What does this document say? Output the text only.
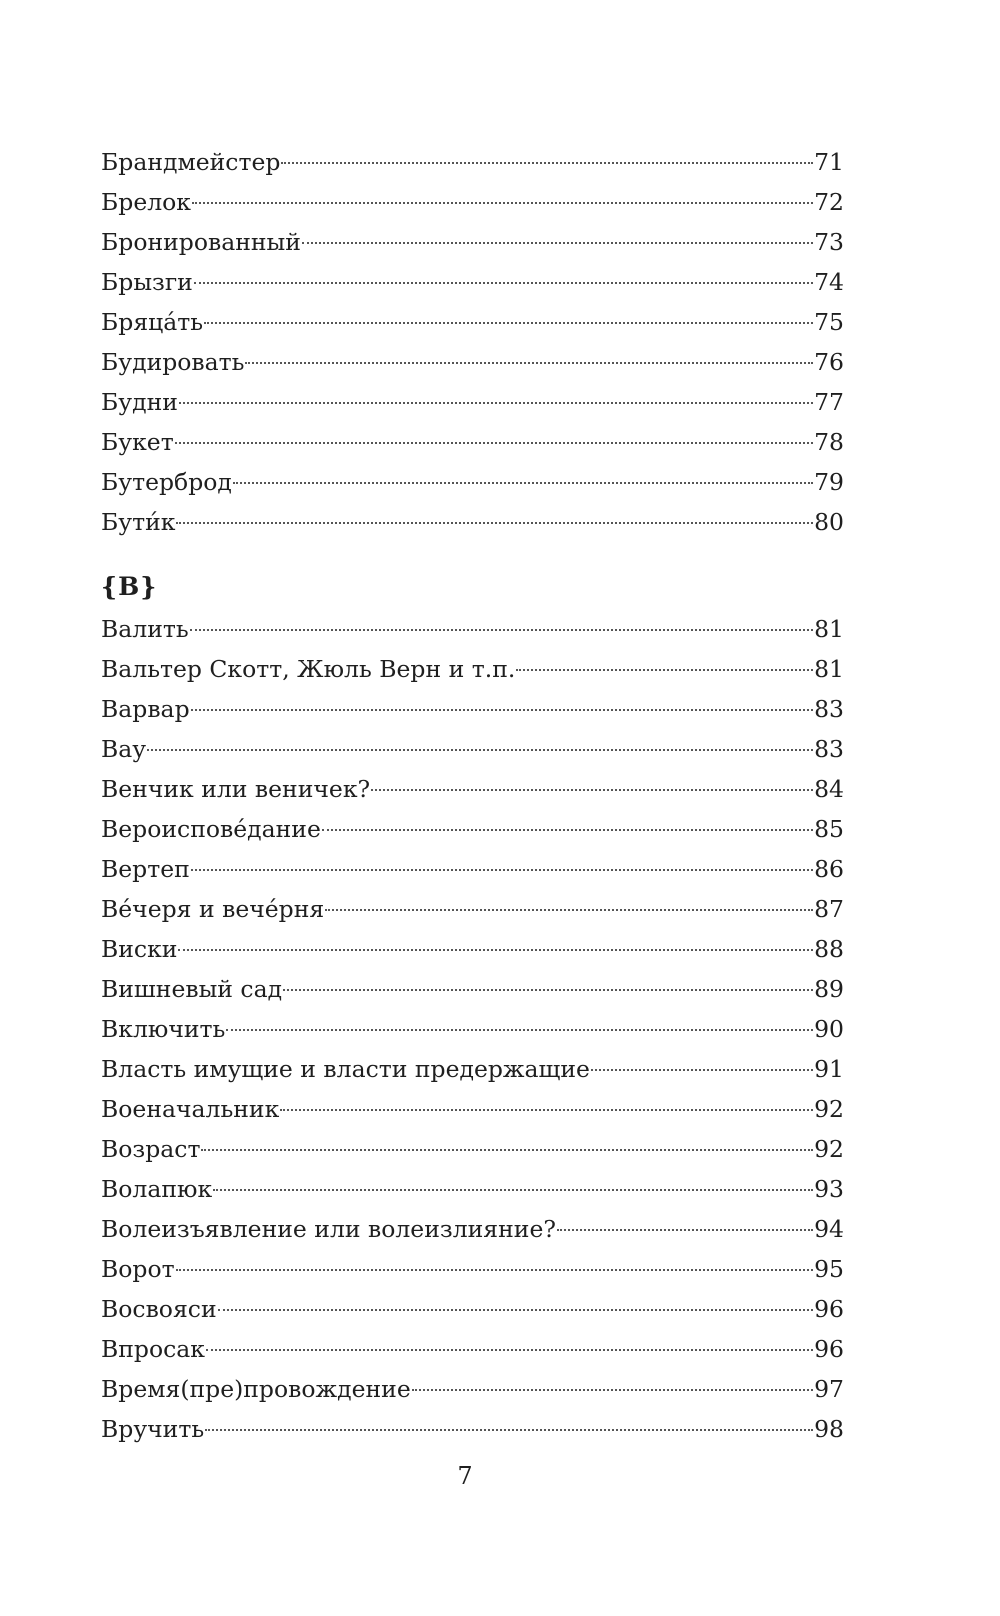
Брандмейстер	71
Брелок	72
Бронированный	73
Брызги	74
Бряца́ть	75
Будировать	76
Будни	77
Букет	78
Бутерброд	79
Бути́к	80
{В}
Валить	81
Вальтер Скотт, Жюль Верн и т.п.	81
Варвар	83
Вау	83
Венчик или веничек?	84
Вероиспове́дание	85
Вертеп	86
Ве́черя и вече́рня	87
Виски	88
Вишневый сад	89
Включить	90
Власть имущие и власти предержащие	91
Военачальник	92
Возраст	92
Волапюк	93
Волеизъявление или волеизлияние?	94
Ворот	95
Восвояси	96
Впросак	96
Время(пре)провождение	97
Вручить	98
7
